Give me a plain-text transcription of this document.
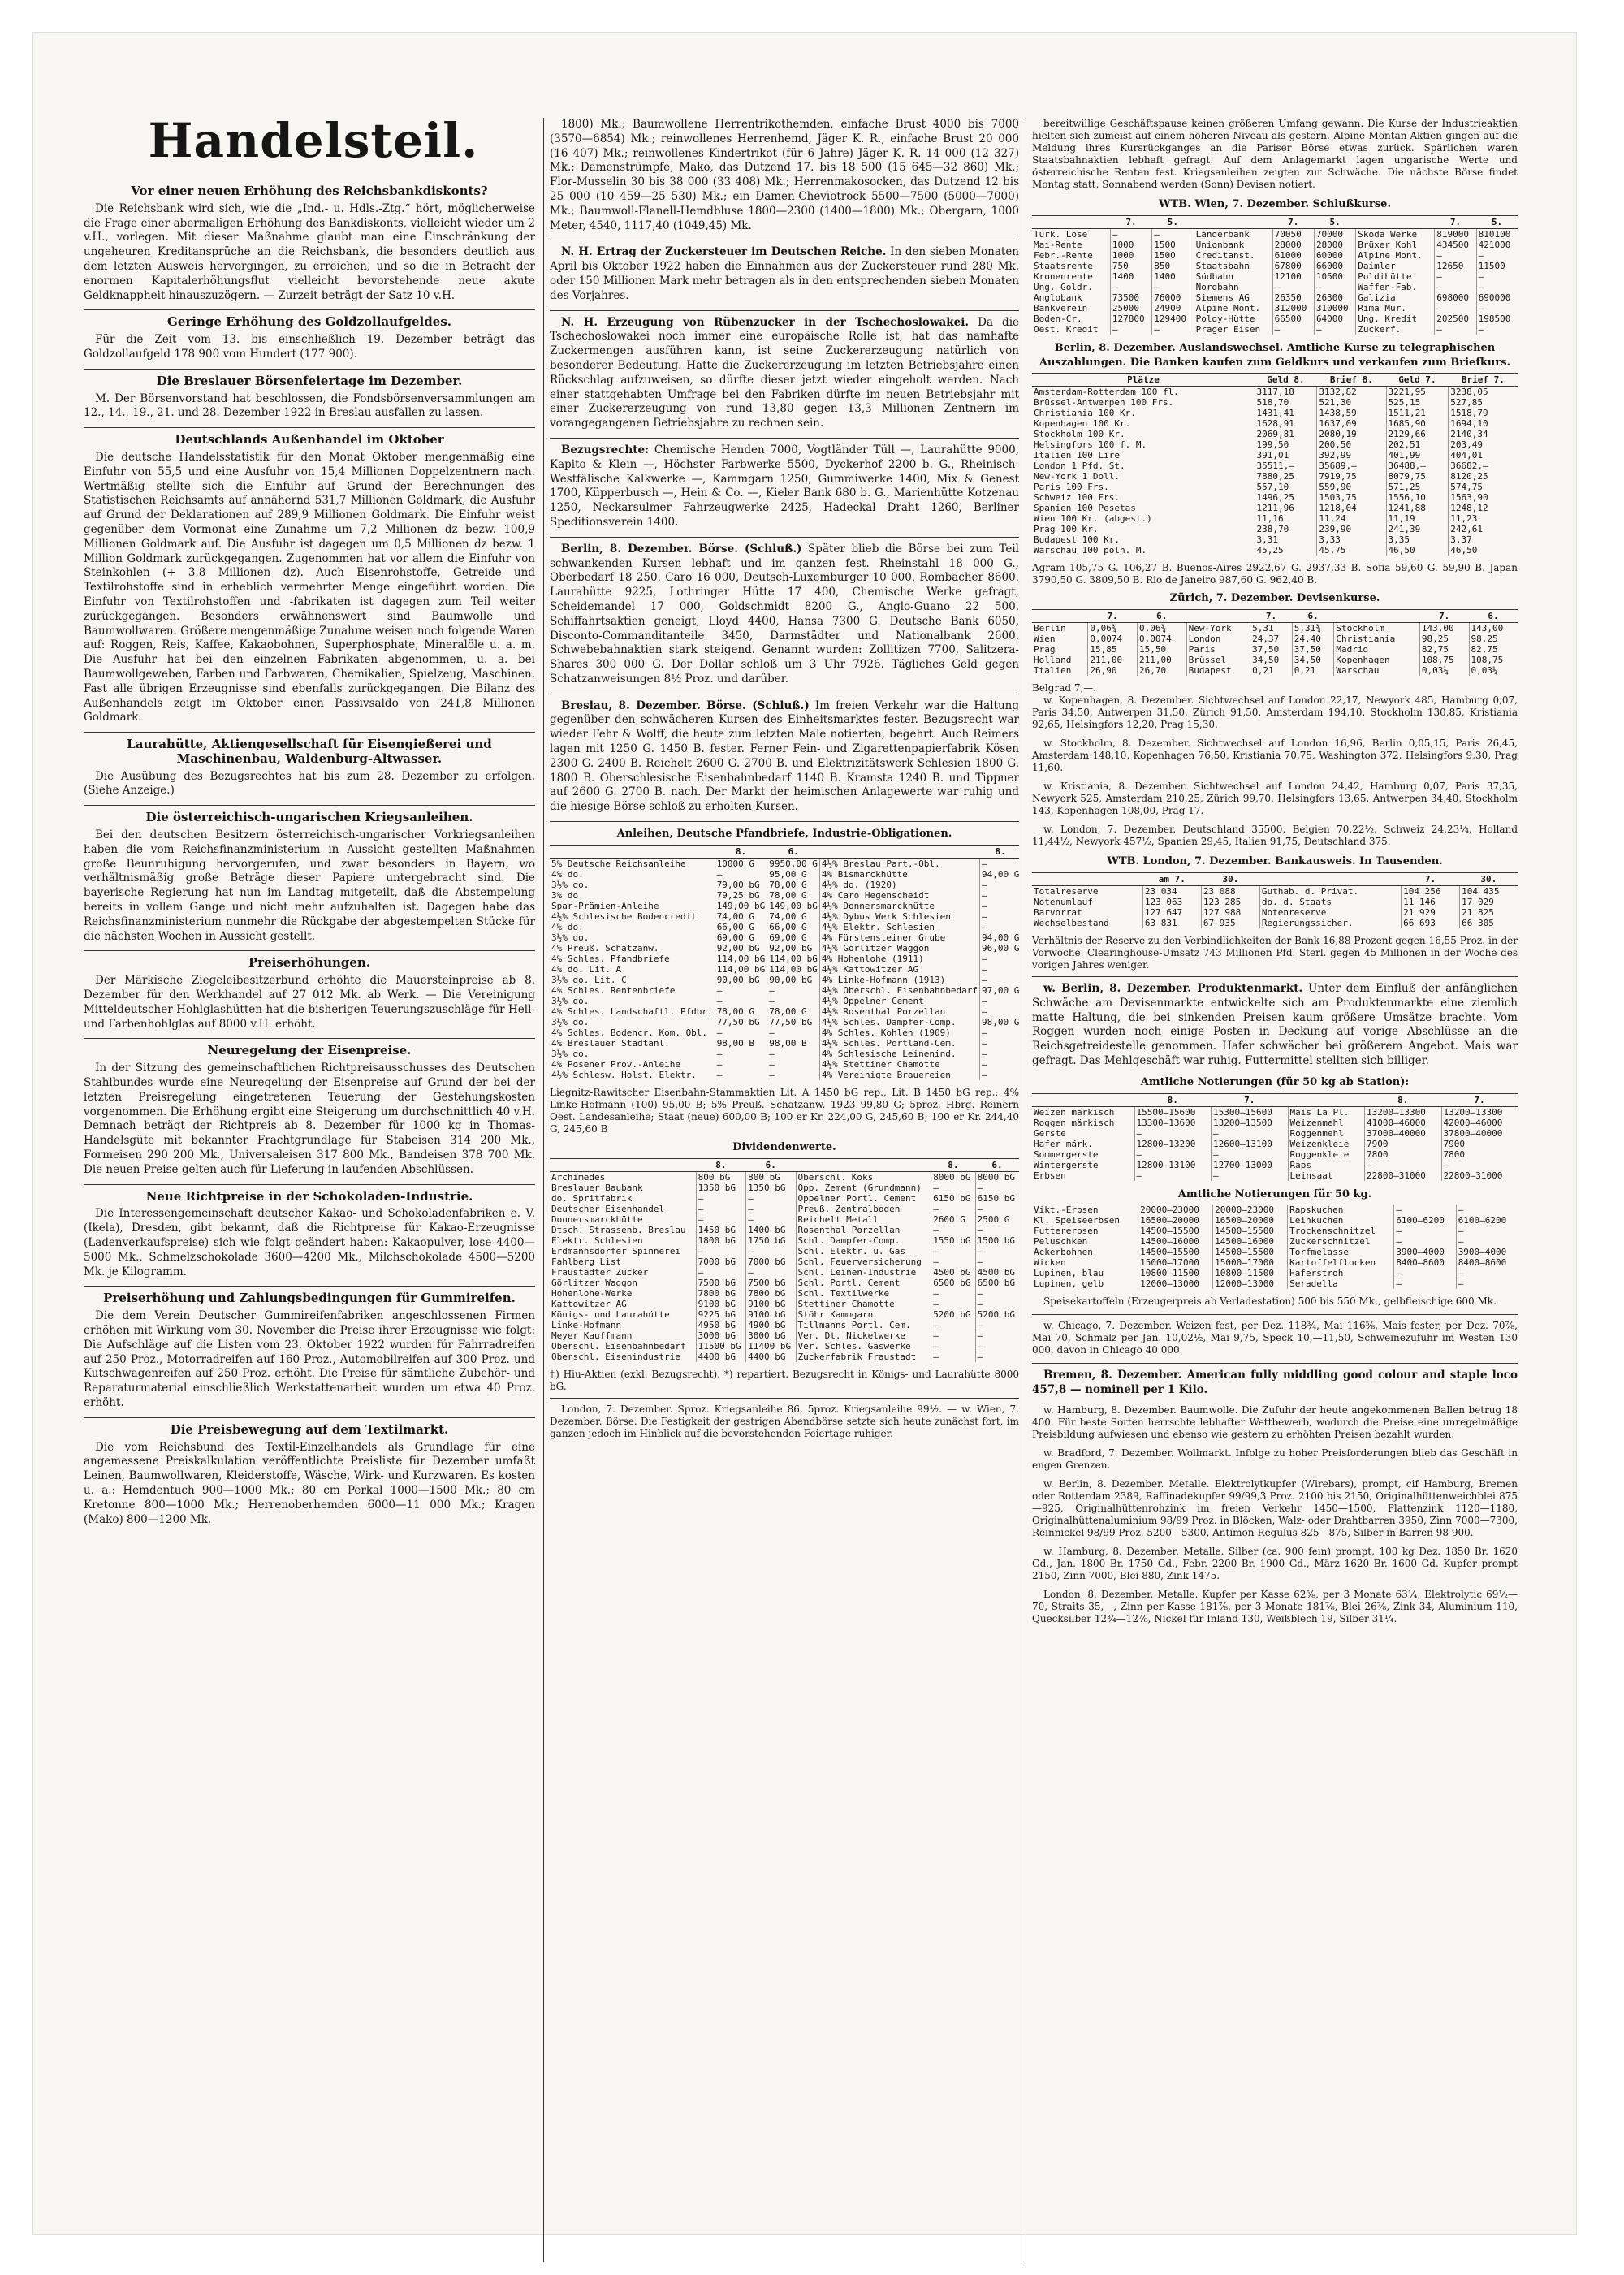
Handelsteil.
Vor einer neuen Erhöhung des Reichsbankdiskonts?
Die Reichsbank wird sich, wie die „Ind.- u. Hdls.-Ztg.“ hört, möglicherweise die Frage einer abermaligen Erhöhung des Bankdiskonts, vielleicht wieder um 2 v.H., vorlegen. Mit dieser Maßnahme glaubt man eine Einschränkung der ungeheuren Kreditansprüche an die Reichsbank, die besonders deutlich aus dem letzten Ausweis hervorgingen, zu erreichen, und so die in Betracht der enormen Kapitalerhöhungsflut vielleicht bevorstehende neue akute Geldknappheit hinauszuzögern. — Zurzeit beträgt der Satz 10 v.H.
Geringe Erhöhung des Goldzollaufgeldes.
Für die Zeit vom 13. bis einschließlich 19. Dezember beträgt das Goldzollaufgeld 178 900 vom Hundert (177 900).
Die Breslauer Börsenfeiertage im Dezember.
M. Der Börsenvorstand hat beschlossen, die Fondsbörsenversammlungen am 12., 14., 19., 21. und 28. Dezember 1922 in Breslau ausfallen zu lassen.
Deutschlands Außenhandel im Oktober
Die deutsche Handelsstatistik für den Monat Oktober mengenmäßig eine Einfuhr von 55,5 und eine Ausfuhr von 15,4 Millionen Doppelzentnern nach. Wertmäßig stellte sich die Einfuhr auf Grund der Berechnungen des Statistischen Reichsamts auf annähernd 531,7 Millionen Goldmark, die Ausfuhr auf Grund der Deklarationen auf 289,9 Millionen Goldmark. Die Einfuhr weist gegenüber dem Vormonat eine Zunahme um 7,2 Millionen dz bezw. 100,9 Millionen Goldmark auf. Die Ausfuhr ist dagegen um 0,5 Millionen dz bezw. 1 Million Goldmark zurückgegangen. Zugenommen hat vor allem die Einfuhr von Steinkohlen (+ 3,8 Millionen dz). Auch Eisenrohstoffe, Getreide und Textilrohstoffe sind in erheblich vermehrter Menge eingeführt worden. Die Einfuhr von Textilrohstoffen und -fabrikaten ist dagegen zum Teil weiter zurückgegangen. Besonders erwähnenswert sind Baumwolle und Baumwollwaren. Größere mengenmäßige Zunahme weisen noch folgende Waren auf: Roggen, Reis, Kaffee, Kakaobohnen, Superphosphate, Mineralöle u. a. m. Die Ausfuhr hat bei den einzelnen Fabrikaten abgenommen, u. a. bei Baumwollgeweben, Farben und Farbwaren, Chemikalien, Spielzeug, Maschinen. Fast alle übrigen Erzeugnisse sind ebenfalls zurückgegangen. Die Bilanz des Außenhandels zeigt im Oktober einen Passivsaldo von 241,8 Millionen Goldmark.
Laurahütte, Aktiengesellschaft für Eisengießerei und Maschinenbau, Waldenburg-Altwasser.
Die Ausübung des Bezugsrechtes hat bis zum 28. Dezember zu erfolgen. (Siehe Anzeige.)
Die österreichisch-ungarischen Kriegsanleihen.
Bei den deutschen Besitzern österreichisch-ungarischer Vorkriegsanleihen haben die vom Reichsfinanzministerium in Aussicht gestellten Maßnahmen große Beunruhigung hervorgerufen, und zwar besonders in Bayern, wo verhältnismäßig große Beträge dieser Papiere untergebracht sind. Die bayerische Regierung hat nun im Landtag mitgeteilt, daß die Abstempelung bereits in vollem Gange und nicht mehr aufzuhalten ist. Dagegen habe das Reichsfinanzministerium nunmehr die Rückgabe der abgestempelten Stücke für die nächsten Wochen in Aussicht gestellt.
Preiserhöhungen.
Der Märkische Ziegeleibesitzerbund erhöhte die Mauersteinpreise ab 8. Dezember für den Werkhandel auf 27 012 Mk. ab Werk. — Die Vereinigung Mitteldeutscher Hohlglashütten hat die bisherigen Teuerungszuschläge für Hell- und Farbenhohlglas auf 8000 v.H. erhöht.
Neuregelung der Eisenpreise.
In der Sitzung des gemeinschaftlichen Richtpreisausschusses des Deutschen Stahlbundes wurde eine Neuregelung der Eisenpreise auf Grund der bei der letzten Preisregelung eingetretenen Teuerung der Gestehungskosten vorgenommen. Die Erhöhung ergibt eine Steigerung um durchschnittlich 40 v.H. Demnach beträgt der Richtpreis ab 8. Dezember für 1000 kg in Thomas-Handelsgüte mit bekannter Frachtgrundlage für Stabeisen 314 200 Mk., Formeisen 290 200 Mk., Universaleisen 317 800 Mk., Bandeisen 378 700 Mk. Die neuen Preise gelten auch für Lieferung in laufenden Abschlüssen.
Neue Richtpreise in der Schokoladen-Industrie.
Die Interessengemeinschaft deutscher Kakao- und Schokoladenfabriken e. V. (Ikela), Dresden, gibt bekannt, daß die Richtpreise für Kakao-Erzeugnisse (Ladenverkaufspreise) sich wie folgt geändert haben: Kakaopulver, lose 4400—5000 Mk., Schmelzschokolade 3600—4200 Mk., Milchschokolade 4500—5200 Mk. je Kilogramm.
Preiserhöhung und Zahlungsbedingungen für Gummireifen.
Die dem Verein Deutscher Gummireifenfabriken angeschlossenen Firmen erhöhen mit Wirkung vom 30. November die Preise ihrer Erzeugnisse wie folgt: Die Aufschläge auf die Listen vom 23. Oktober 1922 wurden für Fahrradreifen auf 250 Proz., Motorradreifen auf 160 Proz., Automobilreifen auf 300 Proz. und Kutschwagenreifen auf 250 Proz. erhöht. Die Preise für sämtliche Zubehör- und Reparaturmaterial einschließlich Werkstattenarbeit wurden um etwa 40 Proz. erhöht.
Die Preisbewegung auf dem Textilmarkt.
Die vom Reichsbund des Textil-Einzelhandels als Grundlage für eine angemessene Preiskalkulation veröffentlichte Preisliste für Dezember umfaßt Leinen, Baumwollwaren, Kleiderstoffe, Wäsche, Wirk- und Kurzwaren. Es kosten u. a.: Hemdentuch 900—1000 Mk.; 80 cm Perkal 1000—1500 Mk.; 80 cm Kretonne 800—1000 Mk.; Herrenoberhemden 6000—11 000 Mk.; Kragen (Mako) 800—1200 Mk.
1800) Mk.; Baumwollene Herrentrikothemden, einfache Brust 4000 bis 7000 (3570—6854) Mk.; reinwollenes Herrenhemd, Jäger K. R., einfache Brust 20 000 (16 407) Mk.; reinwollenes Kindertrikot (für 6 Jahre) Jäger K. R. 14 000 (12 327) Mk.; Damenstrümpfe, Mako, das Dutzend 17. bis 18 500 (15 645—32 860) Mk.; Flor-Musselin 30 bis 38 000 (33 408) Mk.; Herrenmakosocken, das Dutzend 12 bis 25 000 (10 459—25 530) Mk.; ein Damen-Cheviotrock 5500—7500 (5000—7000) Mk.; Baumwoll-Flanell-Hemdbluse 1800—2300 (1400—1800) Mk.; Obergarn, 1000 Meter, 4540, 1117,40 (1049,45) Mk.
N. H. Ertrag der Zuckersteuer im Deutschen Reiche. In den sieben Monaten April bis Oktober 1922 haben die Einnahmen aus der Zuckersteuer rund 280 Mk. oder 150 Millionen Mark mehr betragen als in den entsprechenden sieben Monaten des Vorjahres.
N. H. Erzeugung von Rübenzucker in der Tschechoslowakei. Da die Tschechoslowakei noch immer eine europäische Rolle ist, hat das namhafte Zuckermengen ausführen kann, ist seine Zuckererzeugung natürlich von besonderer Bedeutung. Hatte die Zuckererzeugung im letzten Betriebsjahre einen Rückschlag aufzuweisen, so dürfte dieser jetzt wieder eingeholt werden. Nach einer stattgehabten Umfrage bei den Fabriken dürfte im neuen Betriebsjahr mit einer Zuckererzeugung von rund 13,80 gegen 13,3 Millionen Zentnern im vorangegangenen Betriebsjahre zu rechnen sein.
Bezugsrechte: Chemische Henden 7000, Vogtländer Tüll —, Laurahütte 9000, Kapito & Klein —, Höchster Farbwerke 5500, Dyckerhof 2200 b. G., Rheinisch-Westfälische Kalkwerke —, Kammgarn 1250, Gummiwerke 1400, Mix & Genest 1700, Küpperbusch —, Hein & Co. —, Kieler Bank 680 b. G., Marienhütte Kotzenau 1250, Neckarsulmer Fahrzeugwerke 2425, Hadeckal Draht 1260, Berliner Speditionsverein 1400.
Berlin, 8. Dezember. Börse. (Schluß.) Später blieb die Börse bei zum Teil schwankenden Kursen lebhaft und im ganzen fest. Rheinstahl 18 000 G., Oberbedarf 18 250, Caro 16 000, Deutsch-Luxemburger 10 000, Rombacher 8600, Laurahütte 9225, Lothringer Hütte 17 400, Chemische Werke gefragt, Scheidemandel 17 000, Goldschmidt 8200 G., Anglo-Guano 22 500. Schiffahrtsaktien geneigt, Lloyd 4400, Hansa 7300 G. Deutsche Bank 6050, Disconto-Commanditanteile 3450, Darmstädter und Nationalbank 2600. Schwebebahnaktien stark steigend. Genannt wurden: Zollitizen 7700, Salitzera-Shares 300 000 G. Der Dollar schloß um 3 Uhr 7926. Tägliches Geld gegen Schatzanweisungen 8½ Proz. und darüber.
Breslau, 8. Dezember. Börse. (Schluß.) Im freien Verkehr war die Haltung gegenüber den schwächeren Kursen des Einheitsmarktes fester. Bezugsrecht war wieder Fehr & Wolff, die heute zum letzten Male notierten, begehrt. Auch Reimers lagen mit 1250 G. 1450 B. fester. Ferner Fein- und Zigarettenpapierfabrik Kösen 2300 G. 2400 B. Reichelt 2600 G. 2700 B. und Elektrizitätswerk Schlesien 1800 G. 1800 B. Oberschlesische Eisenbahnbedarf 1140 B. Kramsta 1240 B. und Tippner auf 2600 G. 2700 B. nach. Der Markt der heimischen Anlagewerte war ruhig und die hiesige Börse schloß zu erholten Kursen.
Anleihen, Deutsche Pfandbriefe, Industrie-Obligationen.
	8.	6.		8.	
5% Deutsche Reichsanleihe	10000 G	9950,00 G	4½% Breslau Part.-Obl.	—	
4% do.	—	95,00 G	4% Bismarckhütte	94,00 G	
3½% do.	79,00 bG	78,00 G	4½% do. (1920)	—	
3% do.	79,25 bG	78,00 G	4% Caro Hegenscheidt	—	
Spar-Prämien-Anleihe	149,00 bG	149,00 bG	4½% Donnersmarckhütte	—	
4½% Schlesische Bodencredit	74,00 G	74,00 G	4½% Dybus Werk Schlesien	—	
4% do.	66,00 G	66,00 G	4½% Elektr. Schlesien	—	
3½% do.	69,00 G	69,00 G	4% Fürstensteiner Grube	94,00 G	
4% Preuß. Schatzanw.	92,00 bG	92,00 bG	4½% Görlitzer Waggon	96,00 G	
4% Schles. Pfandbriefe	114,00 bG	114,00 bG	4% Hohenlohe (1911)	—	
4% do. Lit. A	114,00 bG	114,00 bG	4½% Kattowitzer AG	—	
3½% do. Lit. C	90,00 bG	90,00 bG	4% Linke-Hofmann (1913)	—	
4% Schles. Rentenbriefe	—	—	4½% Oberschl. Eisenbahnbedarf	97,00 G	
3½% do.	—	—	4½% Oppelner Cement	—	
4% Schles. Landschaftl. Pfdbr.	78,00 G	78,00 G	4½% Rosenthal Porzellan	—	
3½% do.	77,50 bG	77,50 bG	4½% Schles. Dampfer-Comp.	98,00 G	
4% Schles. Bodencr. Kom. Obl.	—	—	4% Schles. Kohlen (1909)	—	
4% Breslauer Stadtanl.	98,00 B	98,00 B	4½% Schles. Portland-Cem.	—	
3½% do.	—	—	4% Schlesische Leinenind.	—	
4% Posener Prov.-Anleihe	—	—	4½% Stettiner Chamotte	—	
4½% Schlesw. Holst. Elektr.	—	—	4% Vereinigte Brauereien	—	
Liegnitz-Rawitscher Eisenbahn-Stammaktien Lit. A 1450 bG rep., Lit. B 1450 bG rep.; 4% Linke-Hofmann (100) 95,00 B; 5% Preuß. Schatzanw. 1923 99,80 G; 5proz. Hbrg. Reinern Oest. Landesanleihe; Staat (neue) 600,00 B; 100 er Kr. 224,00 G, 245,60 B; 100 er Kr. 244,40 G, 245,60 B
Dividendenwerte.
	8.	6.		8.	6.
Archimedes	800 bG	800 bG	Oberschl. Koks	8000 bG	8000 bG
Breslauer Baubank	1350 bG	1350 bG	Opp. Zement (Grundmann)	—	—
do. Spritfabrik	—	—	Oppelner Portl. Cement	6150 bG	6150 bG
Deutscher Eisenhandel	—	—	Preuß. Zentralboden	—	—
Donnersmarckhütte	—	—	Reichelt Metall	2600 G	2500 G
Dtsch. Strassenb. Breslau	1450 bG	1400 bG	Rosenthal Porzellan	—	—
Elektr. Schlesien	1800 bG	1750 bG	Schl. Dampfer-Comp.	1550 bG	1500 bG
Erdmannsdorfer Spinnerei	—	—	Schl. Elektr. u. Gas	—	—
Fahlberg List	7000 bG	7000 bG	Schl. Feuerversicherung	—	—
Fraustädter Zucker	—	—	Schl. Leinen-Industrie	4500 bG	4500 bG
Görlitzer Waggon	7500 bG	7500 bG	Schl. Portl. Cement	6500 bG	6500 bG
Hohenlohe-Werke	7800 bG	7800 bG	Schl. Textilwerke	—	—
Kattowitzer AG	9100 bG	9100 bG	Stettiner Chamotte	—	—
Königs- und Laurahütte	9225 bG	9100 bG	Stöhr Kammgarn	5200 bG	5200 bG
Linke-Hofmann	4950 bG	4900 bG	Tillmanns Portl. Cem.	—	—
Meyer Kauffmann	3000 bG	3000 bG	Ver. Dt. Nickelwerke	—	—
Oberschl. Eisenbahnbedarf	11500 bG	11400 bG	Ver. Schles. Gaswerke	—	—
Oberschl. Eisenindustrie	4400 bG	4400 bG	Zuckerfabrik Fraustadt	—	—
†) Hiu-Aktien (exkl. Bezugsrecht). *) repartiert. Bezugsrecht in Königs- und Laurahütte 8000 bG.
London, 7. Dezember. Sproz. Kriegsanleihe 86, 5proz. Kriegsanleihe 99½. — w. Wien, 7. Dezember. Börse. Die Festigkeit der gestrigen Abendbörse setzte sich heute zunächst fort, im ganzen jedoch im Hinblick auf die bevorstehenden Feiertage ruhiger.
bereitwillige Geschäftspause keinen größeren Umfang gewann. Die Kurse der Industrieaktien hielten sich zumeist auf einem höheren Niveau als gestern. Alpine Montan-Aktien gingen auf die Meldung ihres Kursrückganges an die Pariser Börse etwas zurück. Spärlichen waren Staatsbahnaktien lebhaft gefragt. Auf dem Anlagemarkt lagen ungarische Werte und österreichische Renten fest. Kriegsanleihen zeigten zur Schwäche. Die nächste Börse findet Montag statt, Sonnabend werden (Sonn) Devisen notiert.
WTB. Wien, 7. Dezember. Schlußkurse.
	7.	5.		7.	5.		7.	5.
Türk. Lose	—	—	Länderbank	70050	70000	Skoda Werke	819000	810100
Mai-Rente	1000	1500	Unionbank	28000	28000	Brüxer Kohl	434500	421000
Febr.-Rente	1000	1500	Creditanst.	61000	60000	Alpine Mont.	—	—
Staatsrente	750	850	Staatsbahn	67800	66000	Daimler	12650	11500
Kronenrente	1400	1400	Südbahn	12100	10500	Poldihütte	—	—
Ung. Goldr.	—	—	Nordbahn	—	—	Waffen-Fab.	—	—
Anglobank	73500	76000	Siemens AG	26350	26300	Galizia	698000	690000
Bankverein	25000	24900	Alpine Mont.	312000	310000	Rima Mur.	—	—
Boden-Cr.	127800	129400	Poldy-Hütte	66500	64000	Ung. Kredit	202500	198500
Oest. Kredit	—	—	Prager Eisen	—	—	Zuckerf.	—	—
Berlin, 8. Dezember. Auslandswechsel. Amtliche Kurse zu telegraphischen Auszahlungen. Die Banken kaufen zum Geldkurs und verkaufen zum Briefkurs.
Plätze	Geld 8.	Brief 8.	Geld 7.	Brief 7.
Amsterdam-Rotterdam 100 fl.	3117,18	3132,82	3221,95	3238,05
Brüssel-Antwerpen 100 Frs.	518,70	521,30	525,15	527,85
Christiania 100 Kr.	1431,41	1438,59	1511,21	1518,79
Kopenhagen 100 Kr.	1628,91	1637,09	1685,90	1694,10
Stockholm 100 Kr.	2069,81	2080,19	2129,66	2140,34
Helsingfors 100 f. M.	199,50	200,50	202,51	203,49
Italien 100 Lire	391,01	392,99	401,99	404,01
London 1 Pfd. St.	35511,—	35689,—	36488,—	36682,—
New-York 1 Doll.	7880,25	7919,75	8079,75	8120,25
Paris 100 Frs.	557,10	559,90	571,25	574,75
Schweiz 100 Frs.	1496,25	1503,75	1556,10	1563,90
Spanien 100 Pesetas	1211,96	1218,04	1241,88	1248,12
Wien 100 Kr. (abgest.)	11,16	11,24	11,19	11,23
Prag 100 Kr.	238,70	239,90	241,39	242,61
Budapest 100 Kr.	3,31	3,33	3,35	3,37
Warschau 100 poln. M.	45,25	45,75	46,50	46,50
Agram 105,75 G. 106,27 B. Buenos-Aires 2922,67 G. 2937,33 B. Sofia 59,60 G. 59,90 B. Japan 3790,50 G. 3809,50 B. Rio de Janeiro 987,60 G. 962,40 B.
Zürich, 7. Dezember. Devisenkurse.
	7.	6.		7.	6.		7.	6.
Berlin	0,06¾	0,06¾	New-York	5,31	5,31¾	Stockholm	143,00	143,00
Wien	0,0074	0,0074	London	24,37	24,40	Christiania	98,25	98,25
Prag	15,85	15,50	Paris	37,50	37,50	Madrid	82,75	82,75
Holland	211,00	211,00	Brüssel	34,50	34,50	Kopenhagen	108,75	108,75
Italien	26,90	26,70	Budapest	0,21	0,21	Warschau	0,03¼	0,03¼
Belgrad 7,—.
w. Kopenhagen, 8. Dezember. Sichtwechsel auf London 22,17, Newyork 485, Hamburg 0,07, Paris 34,50, Antwerpen 31,50, Zürich 91,50, Amsterdam 194,10, Stockholm 130,85, Kristiania 92,65, Helsingfors 12,20, Prag 15,30.
w. Stockholm, 8. Dezember. Sichtwechsel auf London 16,96, Berlin 0,05,15, Paris 26,45, Amsterdam 148,10, Kopenhagen 76,50, Kristiania 70,75, Washington 372, Helsingfors 9,30, Prag 11,60.
w. Kristiania, 8. Dezember. Sichtwechsel auf London 24,42, Hamburg 0,07, Paris 37,35, Newyork 525, Amsterdam 210,25, Zürich 99,70, Helsingfors 13,65, Antwerpen 34,40, Stockholm 143, Kopenhagen 108,00, Prag 17.
w. London, 7. Dezember. Deutschland 35500, Belgien 70,22½, Schweiz 24,23¼, Holland 11,44½, Newyork 457½, Spanien 29,45, Italien 91,75, Deutschland 375.
WTB. London, 7. Dezember. Bankausweis. In Tausenden.
	am 7.	30.		7.	30.
Totalreserve	23 034	23 088	Guthab. d. Privat.	104 256	104 435
Notenumlauf	123 063	123 285	do. d. Staats	11 146	17 029
Barvorrat	127 647	127 988	Notenreserve	21 929	21 825
Wechselbestand	63 831	67 935	Regierungssicher.	66 693	66 305
Verhältnis der Reserve zu den Verbindlichkeiten der Bank 16,88 Prozent gegen 16,55 Proz. in der Vorwoche. Clearinghouse-Umsatz 743 Millionen Pfd. Sterl. gegen 45 Millionen in der Woche des vorigen Jahres weniger.
w. Berlin, 8. Dezember. Produktenmarkt. Unter dem Einfluß der anfänglichen Schwäche am Devisenmarkte entwickelte sich am Produktenmarkte eine ziemlich matte Haltung, die bei sinkenden Preisen kaum größere Umsätze brachte. Vom Roggen wurden noch einige Posten in Deckung auf vorige Abschlüsse an die Reichsgetreidestelle genommen. Hafer schwächer bei größerem Angebot. Mais war gefragt. Das Mehlgeschäft war ruhig. Futtermittel stellten sich billiger.
Amtliche Notierungen (für 50 kg ab Station):
	8.	7.		8.	7.
Weizen märkisch	15500—15600	15300—15600	Mais La Pl.	13200—13300	13200—13300
Roggen märkisch	13300—13600	13200—13500	Weizenmehl	41000—46000	42000—46000
Gerste	—	—	Roggenmehl	37000—40000	37800—40000
Hafer märk.	12800—13200	12600—13100	Weizenkleie	7900	7900
Sommergerste	—	—	Roggenkleie	7800	7800
Wintergerste	12800—13100	12700—13000	Raps	—	—
Erbsen	—	—	Leinsaat	22800—31000	22800—31000
Amtliche Notierungen für 50 kg.
Vikt.-Erbsen	20000—23000	20000—23000	Rapskuchen	—	—
Kl. Speiseerbsen	16500—20000	16500—20000	Leinkuchen	6100—6200	6100—6200
Futtererbsen	14500—15500	14500—15500	Trockenschnitzel	—	—
Peluschken	14500—16000	14500—16000	Zuckerschnitzel	—	—
Ackerbohnen	14500—15500	14500—15500	Torfmelasse	3900—4000	3900—4000
Wicken	15000—17000	15000—17000	Kartoffelflocken	8400—8600	8400—8600
Lupinen, blau	10800—11500	10800—11500	Haferstroh	—	—
Lupinen, gelb	12000—13000	12000—13000	Seradella	—	—
Speisekartoffeln (Erzeugerpreis ab Verladestation) 500 bis 550 Mk., gelbfleischige 600 Mk.
w. Chicago, 7. Dezember. Weizen fest, per Dez. 118¾, Mai 116⅝, Mais fester, per Dez. 70⅞, Mai 70, Schmalz per Jan. 10,02½, Mai 9,75, Speck 10,—11,50, Schweinezufuhr im Westen 130 000, davon in Chicago 40 000.
Bremen, 8. Dezember. American fully middling good colour and staple loco 457,8 — nominell per 1 Kilo.
w. Hamburg, 8. Dezember. Baumwolle. Die Zufuhr der heute angekommenen Ballen betrug 18 400. Für beste Sorten herrschte lebhafter Wettbewerb, wodurch die Preise eine unregelmäßige Preisbildung aufwiesen und ebenso wie gestern zu erhöhten Preisen bezahlt wurden.
w. Bradford, 7. Dezember. Wollmarkt. Infolge zu hoher Preisforderungen blieb das Geschäft in engen Grenzen.
w. Berlin, 8. Dezember. Metalle. Elektrolytkupfer (Wirebars), prompt, cif Hamburg, Bremen oder Rotterdam 2389, Raffinadekupfer 99/99,3 Proz. 2100 bis 2150, Originalhüttenweichblei 875—925, Originalhüttenrohzink im freien Verkehr 1450—1500, Plattenzink 1120—1180, Originalhüttenaluminium 98/99 Proz. in Blöcken, Walz- oder Drahtbarren 3950, Zinn 7000—7300, Reinnickel 98/99 Proz. 5200—5300, Antimon-Regulus 825—875, Silber in Barren 98 900.
w. Hamburg, 8. Dezember. Metalle. Silber (ca. 900 fein) prompt, 100 kg Dez. 1850 Br. 1620 Gd., Jan. 1800 Br. 1750 Gd., Febr. 2200 Br. 1900 Gd., März 1620 Br. 1600 Gd. Kupfer prompt 2150, Zinn 7000, Blei 880, Zink 1475.
London, 8. Dezember. Metalle. Kupfer per Kasse 62⅝, per 3 Monate 63¼, Elektrolytic 69½—70, Straits 35,—, Zinn per Kasse 181⅞, per 3 Monate 181⅞, Blei 26⅞, Zink 34, Aluminium 110, Quecksilber 12¾—12⅞, Nickel für Inland 130, Weißblech 19, Silber 31¼.
